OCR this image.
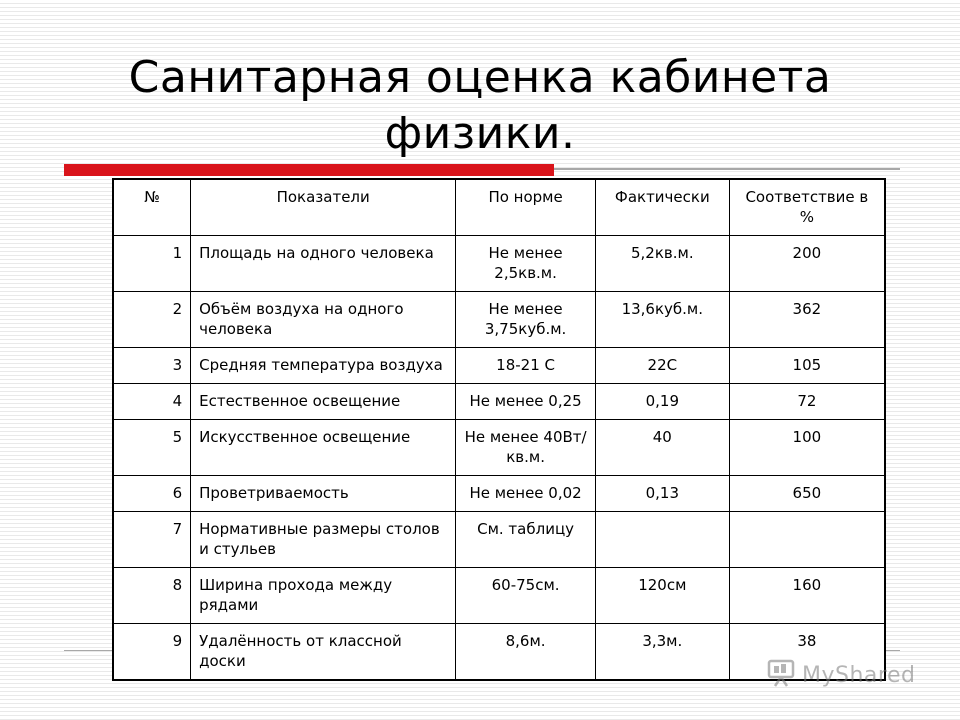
Санитарная оценка кабинета физики.
№	Показатели	По норме	Фактически	Соответствие в %
1	Площадь на одного человека	Не менее 2,5кв.м.	5,2кв.м.	200
2	Объём воздуха на одного человека	Не менее 3,75куб.м.	13,6куб.м.	362
3	Средняя температура воздуха	18-21 С	22С	105
4	Естественное освещение	Не менее 0,25	0,19	72
5	Искусственное освещение	Не менее 40Вт/кв.м.	40	100
6	Проветриваемость	Не менее 0,02	0,13	650
7	Нормативные размеры столов и стульев	См. таблицу		
8	Ширина прохода между рядами	60-75см.	120см	160
9	Удалённость от классной доски	8,6м.	3,3м.	38
MyShared
